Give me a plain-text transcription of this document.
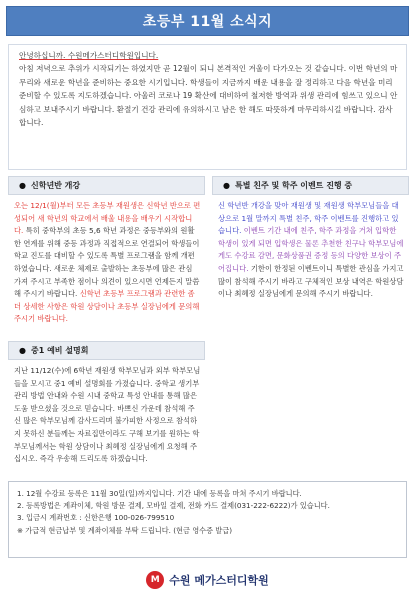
초등부 11월 소식지

안녕하십니까. 수원메가스터디학원입니다.

아침 저녁으로 추위가 시작되기는 하였지만 곧 12월이 되니 본격적인 겨울이 다가오는 것 같습니다. 이번 학년의 마무리와 새로운 학년을 준비하는 중요한 시기입니다. 학생들이 지금까지 배운 내용을 잘 정리하고 다음 학년을 미리 준비할 수 있도록 지도하겠습니다. 아울러 코로나 19 확산에 대비하여 철저한 방역과 위생 관리에 힘쓰고 있으니 안심하고 보내주시기 바랍니다. 환절기 건강 관리에 유의하시고 남은 한 해도 따뜻하게 마무리하시길 바랍니다. 감사합니다.

● 신학년반 개강
오는 12/1(월)부터 모든 초등부 재원생은 신학년 반으로 편성되어 새 학년의 학교에서 배울 내용을 배우기 시작합니다. 특히 중학부의 초등 5,6 학년 과정은 중등부와의 원활한 연계를 위해 중등 과정과 직접적으로 연결되어 학생들이 학교 진도를 대비할 수 있도록 특별 프로그램을 함께 개편하였습니다. 새로운 체제로 출발하는 초등부에 많은 관심 가져 주시고 부족한 점이나 의견이 있으시면 언제든지 말씀해 주시기 바랍니다. 신학년 초등부 프로그램과 관련한 좀 더 상세한 사항은 학원 상담이나 초등부 실장님에게 문의해 주시기 바랍니다.
● 중1 예비 설명회
지난 11/12(수)에 6학년 재원생 학부모님과 외부 학부모님들을 모시고 중1 예비 설명회를 가졌습니다. 중학교 생기부 관리 방법 안내와 수원 시내 중학교 특성 안내를 통해 많은 도움 받으셨을 것으로 믿습니다. 바쁘신 가운데 참석해 주신 많은 학부모님께 감사드리며 불가피한 사정으로 참석하지 못하신 분들께는 자료집만이라도 구해 보기를 원하는 학부모님께서는 학원 상담이나 최혜정 실장님에게 요청해 주십시오. 즉각 우송해 드리도록 하겠습니다.
● 특별 친주 및 학주 이벤트 진행 중
신 학년반 개강을 맞아 재원생 및 재원생 학부모님들을 대상으로 1월 말까지 특별 친주, 학주 이벤트를 진행하고 있습니다. 이벤트 기간 내에 친주, 학주 과정을 거쳐 입학한 학생이 있게 되면 입학생은 물론 추천한 친구나 학부모님에게도 수강료 감면, 문화상품권 증정 등의 다양한 보상이 주어집니다. 기한이 한정된 이벤트이니 특별한 관심을 가지고 많이 참석해 주시기 바라고 구체적인 보상 내역은 학원상담이나 최혜정 실장님에게 문의해 주시기 바랍니다.
1. 12월 수강료 등록은 11월 30일(일)까지입니다. 기간 내에 등록을 마쳐 주시기 바랍니다.
2. 등록방법은 계좌이체, 학원 방문 결제, 모바일 결제, 전화 카드 결제(031-222-6222)가 있습니다.
3. 입금시 계좌번호 : 신한은행 100-026-799510
※ 가급적 현금납부 및 계좌이체를 부탁 드립니다. (현금 영수증 발급)
M 수원 메가스터디학원
